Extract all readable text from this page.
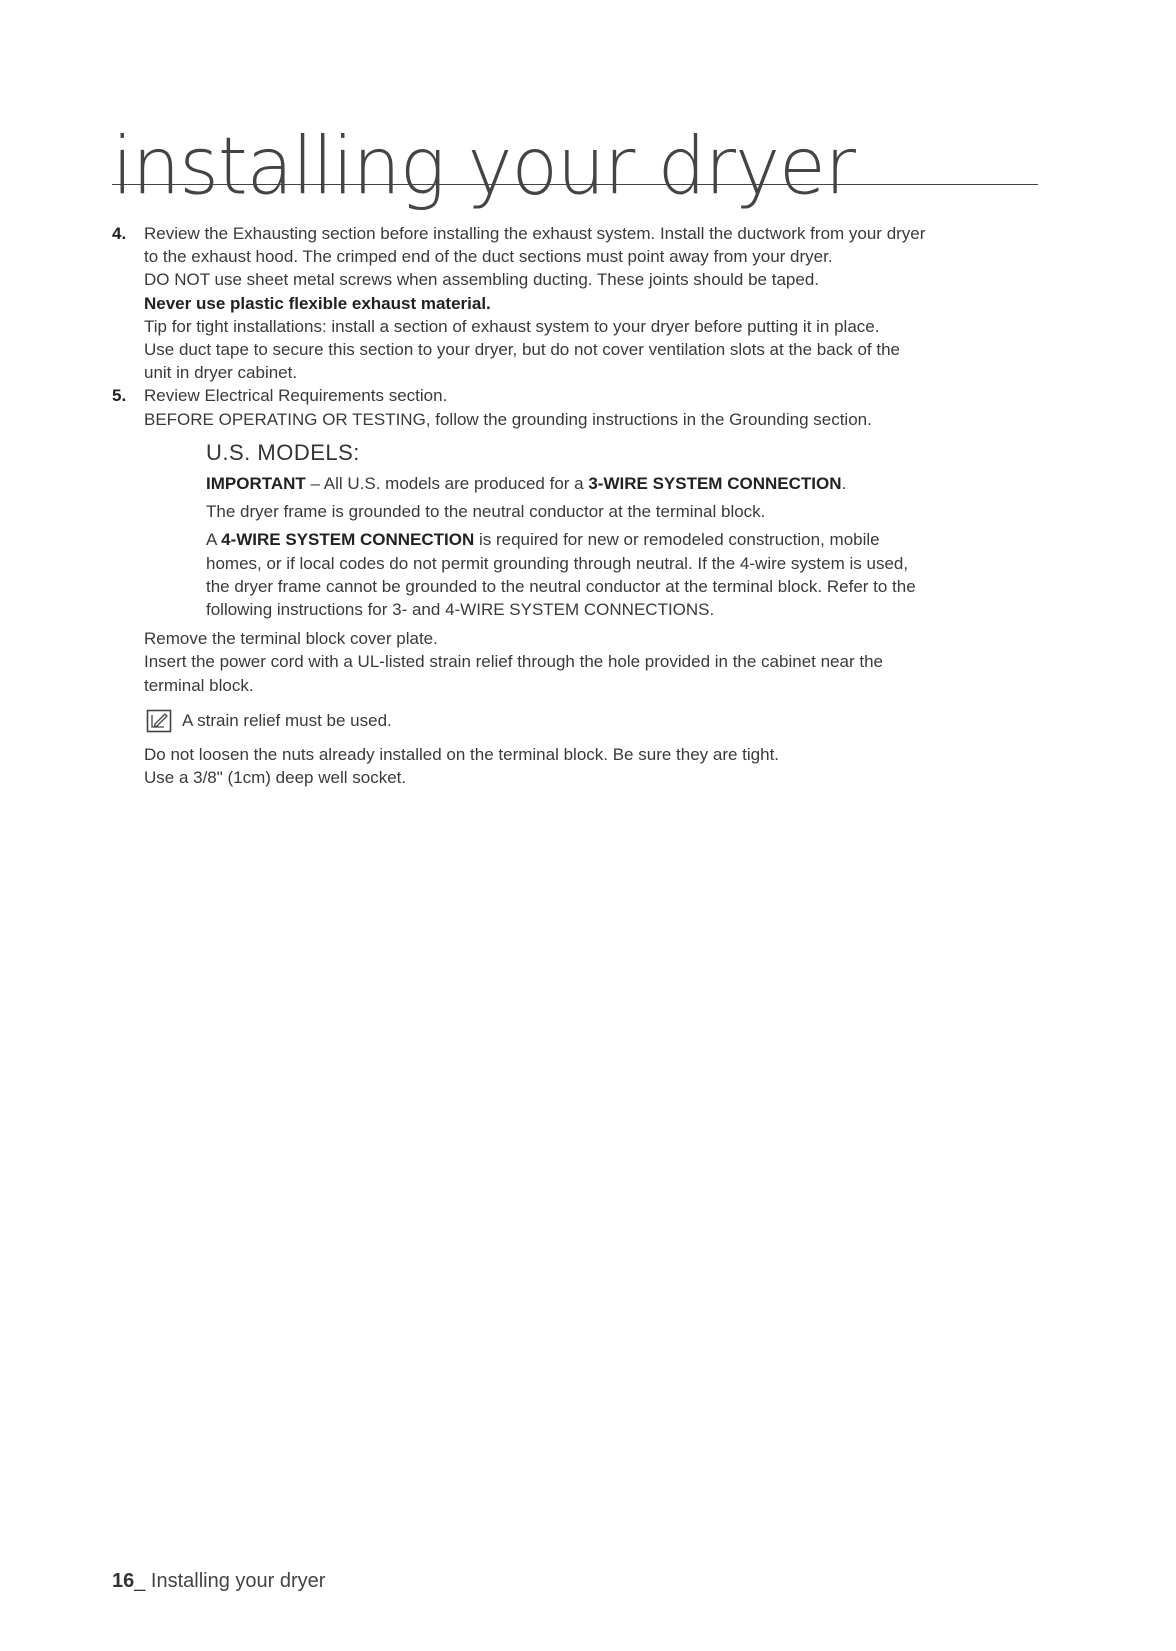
installing your dryer
4. Review the Exhausting section before installing the exhaust system. Install the ductwork from your dryer
to the exhaust hood. The crimped end of the duct sections must point away from your dryer.
DO NOT use sheet metal screws when assembling ducting. These joints should be taped.
Never use plastic flexible exhaust material.
Tip for tight installations: install a section of exhaust system to your dryer before putting it in place.
Use duct tape to secure this section to your dryer, but do not cover ventilation slots at the back of the
unit in dryer cabinet.
5. Review Electrical Requirements section.
BEFORE OPERATING OR TESTING, follow the grounding instructions in the Grounding section.
U.S. MODELS:

IMPORTANT – All U.S. models are produced for a 3-WIRE SYSTEM CONNECTION.

The dryer frame is grounded to the neutral conductor at the terminal block.

A 4-WIRE SYSTEM CONNECTION is required for new or remodeled construction, mobile
homes, or if local codes do not permit grounding through neutral. If the 4-wire system is used,
the dryer frame cannot be grounded to the neutral conductor at the terminal block. Refer to the
following instructions for 3- and 4-WIRE SYSTEM CONNECTIONS.

Remove the terminal block cover plate.
Insert the power cord with a UL-listed strain relief through the hole provided in the cabinet near the
terminal block.
A strain relief must be used.
Do not loosen the nuts already installed on the terminal block. Be sure they are tight.
Use a 3/8" (1cm) deep well socket.
16_ Installing your dryer
